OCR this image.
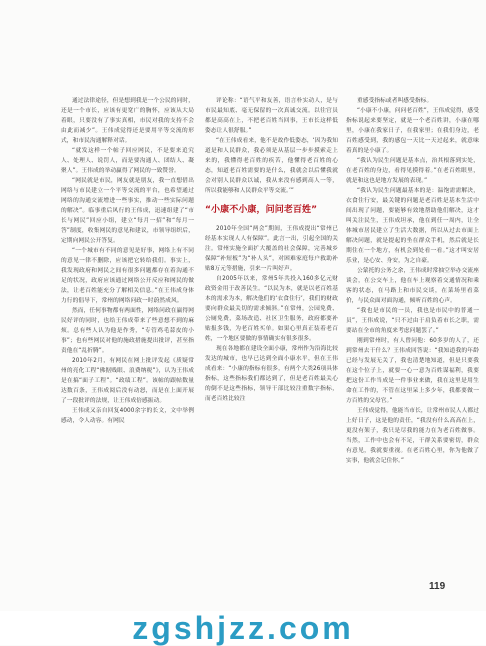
通过法律途径，但是想到我是一个公民的同时，还是一个市长，应该有更宽广的胸怀，应该从大局着眼，只要没有了事实真相，市民对我的支持不会由此而减少”。王伟成觉得还是要用平等交流的形式，和市民沟通解释对话。

“就发这样一个帖子回应网民，不是要来追究人、处理人、说罚人，而是要沟通人、团结人、凝聚人”。王伟成的举动赢得了网民的一致赞誉。

“网民就是市民，网友就是朋友，我一直想借出网络与市民建立一个平等交流的平台，也希望通过网络的沟通交流增进一些事实，推动一些实际问题的解决”。临事重后风行的王伟成，迅速组建了“市长与网民”回应小组，建立“每月一招”和“每月一答”制度，收集网民的意见和建议，市领导组织后，定期向网民公开答复。

“一个城市有不同的意见是好事，网络上有不同的意见一律不删除，应该把它转给我们。事实上，我发现政府和网民之间有很多问题都存在着沟通不足的状况，政府应该通过网络公开反应和网民的做法，让老百姓能充分了解相关信息。”在王伟成身体力行的倡导下，常州的网络问政一时蔚然成风。

然而，任何事物都有两面性，网络问政在赢得网民好评的同时，也给王伟成带来了些意想不到的麻烦。总有些人认为他是作秀，“专管鸡毛蒜皮的小事”；也有些网民对他的施政措施提出批评，甚至指责他在“乱折腾”。

2010年2月，有网民在网上批评发起《质疑常州的亮化工程“佛据贱眼、浪费纳税”》，认为王伟成是在搞“面子工程”。“政绩工程”。该帖的跟帖数量达数百条，王伟成阅后没有动怒，而是在上面开展了一段批评的法规，让王伟成倍感振动。

王伟成又亲自回复4000余字的长文，文中举例感动，令人动容。有网民

评论称：“语气平和友善，语言朴实动人，是与市民最知底、毫无保留的一次真诚交流。以往官员都是高高在上，不把老百姓当回事，王市长这样低姿态让人很舒服。”

“在王伟成看来，他不是故作低姿态，‘因为我知道是和人民群众，我必须是从基层一步步摸索走上来的，我懂得老百姓的疾苦，他懂得老百姓的心态，知道老百姓需要的是什么，我就会以后懂我就会对别人民群众以诚，我从来没有感到高人一等，所以我能够和人民群众平等交流。’”

“小康不小康，问问老百姓”

2010年全国“两会”期间，王伟成提出“常州已经基本实现人人有保障”。此言一出，引起全国的关注。常州实施全面扩大覆盖的社会保障，完善城乡保障“补短板”为“补人头”，对困难家庭每户救助补贴8万元等措施，引来一片叫好声。

自2005年以来，常州5年共投入160多亿元财政资金用于改善民生。“以民为本，就是以老百姓基本的需求为本，解决他们的‘衣食住行’，我们的财政要向群众最关切的需求倾斜。”在常州，公园免费、公厕免费，菜场改造、社区卫生服务，政府都要补贴报多钱，为老百姓买单。如果心里真正装着老百姓，一个地区要做的事情确实有很多很多。

现在各地都在建设全面小康，常州作为沿海比较发达的城市，也早已达到全面小康水平，但在王伟成看来：“小康的指标有很多，有两个大类26项具体指标，这些指标我们都达到了，但是老百姓最关心的倒不是这些指标，领导干部比较注重数字指标，而老百姓比较注

重感受指标或者叫感受指标。

“小康不小康，问问老百姓”，王伟成觉得，感受指标说起来要坚定，就是一个老百姓讲，小康在哪里，小康在我家日子，在我家里；在我们身边，老百姓感受到，我的感包一天比一天过起来，就意味着真的是小康了。

“我认为民生问题是基本点，治其根落到实处，在老百姓的身边，看得见摸得着。”在老百姓眼里，就是和这也是地方发展的表现。”

“我认为民生问题最基本的是：温饱需需解决，衣食住行安，最关键的问题是老百姓是基本生活中间出现了问题，要能够有效地帮助他们解决，这才叫关注民生，王伟成坦承，他在到任一周内，让全体城市居民建立了生活大数据，所以从过去市面上解决问题，就是提起的坐在群众手机，然后就是长期住在一个地方，有机会到处看一看。”这才叫安居乐业，是心安、身安，为之自豪。

公蒙托的公务之余，王伟成时常抽空举办交流座谈会，在公交车上，他在车上观察着交通情况和乘客的状态，在马路上和市民交谈，在菜场里看菜价，与民众面对面沟通，倾听百姓的心声。

“我也是市民的一员，我也是市民中的普通一员”，王伟成说，“只不过由于肩负着市长之职，需要站在全市的角度来考虑问题罢了。”

刚到常州时，有人曾问他：60多岁的人了，还到常州去干什么？王伟成回答说：“我知道我的年龄已经与发展无关了，我也清楚地知道，但是只要我在这个位子上，就要一心一意为百姓谋福利，我要把这份工作当成是一件事业来做，我在这里是用生命在工作的，不管在这里呆上多少年，我都要做一方百姓的父母官。”

王伟成觉得，他能当市长，让常州市民人人都过上好日子，这是他的责任，“我没有什么高高在上，更没有架子，我只是尽我的能力在为老百姓做事。当然，工作中也会有不足，干群关系要密切，群众有意见，我就要重视。在老百姓心里，你为他做了实事，他就会记住你。”

119
zgshjzz.com
